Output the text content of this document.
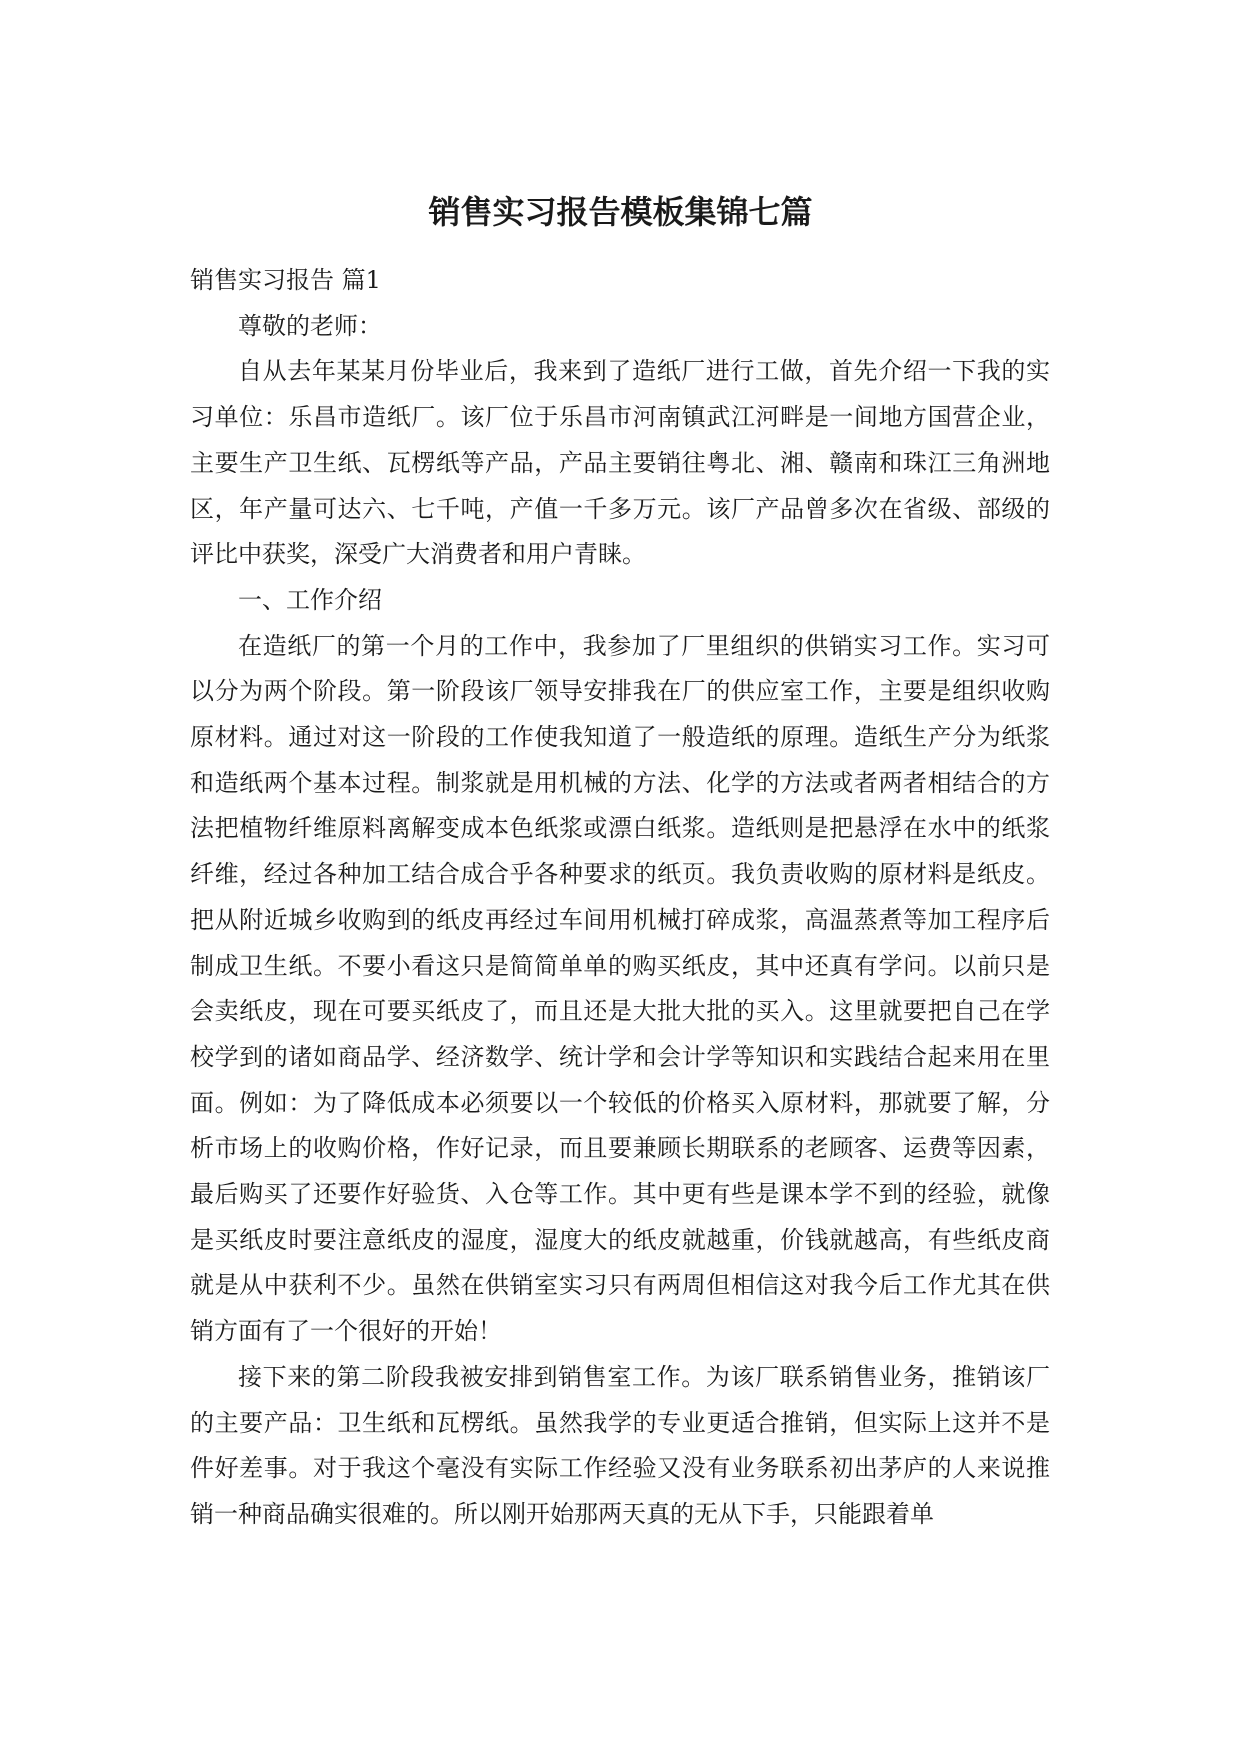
销售实习报告模板集锦七篇

销售实习报告 篇1

尊敬的老师：

自从去年某某月份毕业后，我来到了造纸厂进行工做，首先介绍一下我的实习单位：乐昌市造纸厂。该厂位于乐昌市河南镇武江河畔是一间地方国营企业，主要生产卫生纸、瓦楞纸等产品，产品主要销往粤北、湘、赣南和珠江三角洲地区，年产量可达六、七千吨，产值一千多万元。该厂产品曾多次在省级、部级的评比中获奖，深受广大消费者和用户青睐。

一、工作介绍

在造纸厂的第一个月的工作中，我参加了厂里组织的供销实习工作。实习可以分为两个阶段。第一阶段该厂领导安排我在厂的供应室工作，主要是组织收购原材料。通过对这一阶段的工作使我知道了一般造纸的原理。造纸生产分为纸浆和造纸两个基本过程。制浆就是用机械的方法、化学的方法或者两者相结合的方法把植物纤维原料离解变成本色纸浆或漂白纸浆。造纸则是把悬浮在水中的纸浆纤维，经过各种加工结合成合乎各种要求的纸页。我负责收购的原材料是纸皮。把从附近城乡收购到的纸皮再经过车间用机械打碎成浆，高温蒸煮等加工程序后制成卫生纸。不要小看这只是简简单单的购买纸皮，其中还真有学问。以前只是会卖纸皮，现在可要买纸皮了，而且还是大批大批的买入。这里就要把自己在学校学到的诸如商品学、经济数学、统计学和会计学等知识和实践结合起来用在里面。例如：为了降低成本必须要以一个较低的价格买入原材料，那就要了解，分析市场上的收购价格，作好记录，而且要兼顾长期联系的老顾客、运费等因素，最后购买了还要作好验货、入仓等工作。其中更有些是课本学不到的经验，就像是买纸皮时要注意纸皮的湿度，湿度大的纸皮就越重，价钱就越高，有些纸皮商就是从中获利不少。虽然在供销室实习只有两周但相信这对我今后工作尤其在供销方面有了一个很好的开始！

接下来的第二阶段我被安排到销售室工作。为该厂联系销售业务，推销该厂的主要产品：卫生纸和瓦楞纸。虽然我学的专业更适合推销，但实际上这并不是件好差事。对于我这个毫没有实际工作经验又没有业务联系初出茅庐的人来说推销一种商品确实很难的。所以刚开始那两天真的无从下手，只能跟着单
